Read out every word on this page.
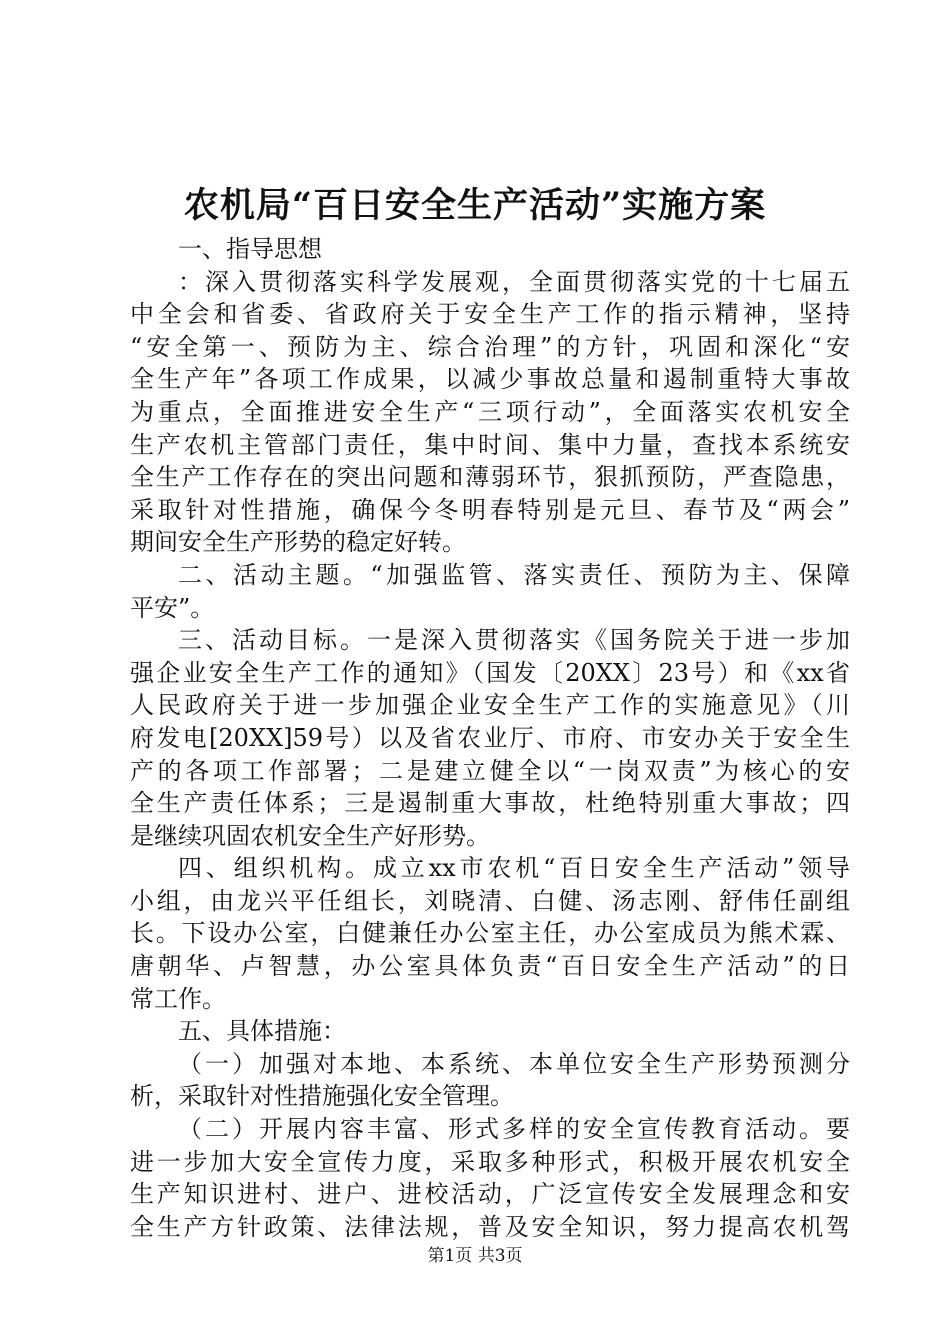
农机局“百日安全生产活动”实施方案
一、指导思想
：深入贯彻落实科学发展观，全面贯彻落实党的十七届五
中全会和省委、省政府关于安全生产工作的指示精神，坚持
“安全第一、预防为主、综合治理”的方针，巩固和深化“安
全生产年”各项工作成果，以减少事故总量和遏制重特大事故
为重点，全面推进安全生产“三项行动”，全面落实农机安全
生产农机主管部门责任，集中时间、集中力量，查找本系统安
全生产工作存在的突出问题和薄弱环节，狠抓预防，严查隐患，
采取针对性措施，确保今冬明春特别是元旦、春节及“两会”
期间安全生产形势的稳定好转。
二、活动主题。“加强监管、落实责任、预防为主、保障
平安”。
三、活动目标。一是深入贯彻落实《国务院关于进一步加
强企业安全生产工作的通知》（国发〔20XX〕23号）和《xx省
人民政府关于进一步加强企业安全生产工作的实施意见》（川
府发电[20XX]59号）以及省农业厅、市府、市安办关于安全生
产的各项工作部署；二是建立健全以“一岗双责”为核心的安
全生产责任体系；三是遏制重大事故，杜绝特别重大事故；四
是继续巩固农机安全生产好形势。
四、组织机构。成立xx市农机“百日安全生产活动”领导
小组，由龙兴平任组长，刘晓清、白健、汤志刚、舒伟任副组
长。下设办公室，白健兼任办公室主任，办公室成员为熊术霖、
唐朝华、卢智慧，办公室具体负责“百日安全生产活动”的日
常工作。
五、具体措施：
（一）加强对本地、本系统、本单位安全生产形势预测分
析，采取针对性措施强化安全管理。
（二）开展内容丰富、形式多样的安全宣传教育活动。要
进一步加大安全宣传力度，采取多种形式，积极开展农机安全
生产知识进村、进户、进校活动，广泛宣传安全发展理念和安
全生产方针政策、法律法规，普及安全知识，努力提高农机驾
第1页 共3页
